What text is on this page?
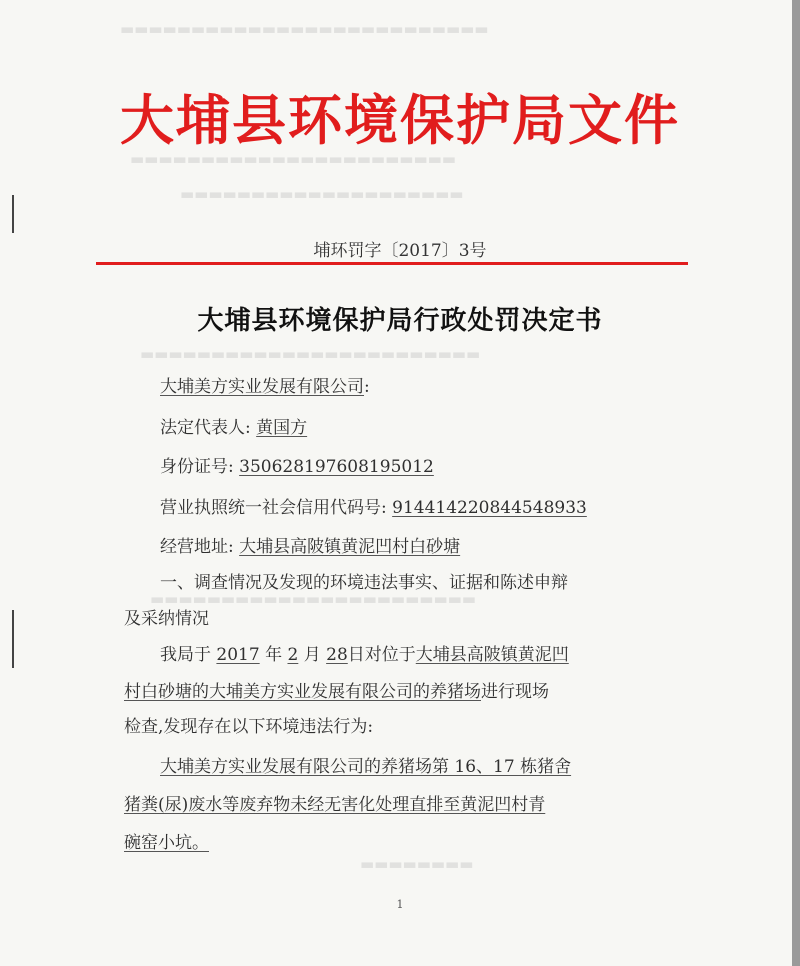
▬▬▬▬▬▬▬▬▬▬▬▬▬▬▬▬▬▬▬▬▬▬▬▬▬▬
▬▬▬▬▬▬▬▬▬▬▬▬▬▬▬▬▬▬▬▬▬▬▬
▬▬▬▬▬▬▬▬▬▬▬▬▬▬▬▬▬▬▬▬
▬▬▬▬▬▬▬▬▬▬▬▬▬▬▬▬▬▬▬▬▬▬▬▬
▬▬▬▬▬▬▬▬▬▬▬▬▬▬▬▬▬▬▬▬▬▬▬
▬▬▬▬▬▬▬▬
大埔县环境保护局文件
埔环罚字〔2017〕3号
大埔县环境保护局行政处罚决定书
大埔美方实业发展有限公司:
法定代表人: 黄国方
身份证号: 350628197608195012
营业执照统一社会信用代码号: 914414220844548933
经营地址: 大埔县高陂镇黄泥凹村白砂塘
一、调查情况及发现的环境违法事实、证据和陈述申辩
及采纳情况
我局于 2017 年 2 月 28日对位于大埔县高陂镇黄泥凹
村白砂塘的大埔美方实业发展有限公司的养猪场进行现场
检查,发现存在以下环境违法行为:
大埔美方实业发展有限公司的养猪场第 16、17 栋猪舍
猪粪(尿)废水等废弃物未经无害化处理直排至黄泥凹村青
碗窑小坑。
1
